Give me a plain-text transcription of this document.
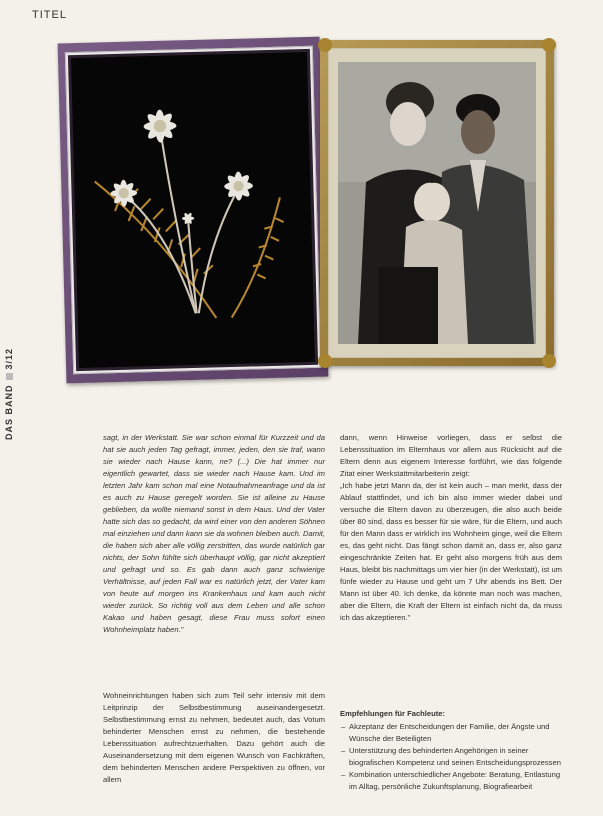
TITEL
DAS BAND3/12

sagt, in der Werkstatt. Sie war schon einmal für Kurzzeit und da hat sie auch jeden Tag gefragt, immer, jeden, den sie traf, wann sie wieder nach Hause kann, ne? (...) Die hat immer nur eigentlich gewartet, dass sie wieder nach Hause kam. Und im letzten Jahr kam schon mal eine Notaufnahmeanfrage und da ist es auch zu Hause geregelt worden. Sie ist alleine zu Hause geblieben, da wollte niemand sonst in dem Haus. Und der Vater hatte sich das so gedacht, da wird einer von den anderen Söhnen mal einziehen und dann kann sie da wohnen bleiben auch. Damit, die haben sich aber alle völlig zerstritten, das wurde natürlich gar nichts, der Sohn fühlte sich überhaupt völlig, gar nicht akzeptiert und gefragt und so. Es gab dann auch ganz schwierige Verhältnisse, auf jeden Fall war es natürlich jetzt, der Vater kam von heute auf morgen ins Krankenhaus und kam auch nicht wieder zurück. So richtig voll aus dem Leben und alle schon Kakao und haben gesagt, diese Frau muss sofort einen Wohnheimplatz haben."

Wohneinrichtungen haben sich zum Teil sehr intensiv mit dem Leitprinzip der Selbstbestimmung auseinandergesetzt. Selbstbestimmung ernst zu nehmen, bedeutet auch, das Votum behinderter Menschen ernst zu nehmen, die bestehende Lebenssituation aufrechtzuerhalten. Dazu gehört auch die Auseinandersetzung mit dem eigenen Wunsch von Fachkräften, dem behinderten Menschen andere Perspektiven zu öffnen, vor allem

dann, wenn Hinweise vorliegen, dass er selbst die Lebenssituation im Elternhaus vor allem aus Rücksicht auf die Eltern denn aus eigenem Interesse fortführt, wie das folgende Zitat einer Werkstattmitarbeiterin zeigt:

„Ich habe jetzt Mann da, der ist kein auch – man merkt, dass der Ablauf stattfindet, und ich bin also immer wieder dabei und versuche die Eltern davon zu überzeugen, die also auch beide über 80 sind, dass es besser für sie wäre, für die Eltern, und auch für den Mann dass er wirklich ins Wohnheim ginge, weil die Eltern es, das geht nicht. Das fängt schon damit an, dass er, also ganz eingeschränkte Zeiten hat. Er geht also morgens früh aus dem Haus, bleibt bis nachmittags um vier hier (in der Werkstatt), ist um fünfe wieder zu Hause und geht um 7 Uhr abends ins Bett. Der Mann ist über 40. Ich denke, da könnte man noch was machen, aber die Eltern, die Kraft der Eltern ist einfach nicht da, da muss ich das akzeptieren."

Empfehlungen für Fachleute:
– Akzeptanz der Entscheidungen der Familie, der Ängste und Wünsche der Beteiligten
– Unterstützung des behinderten Angehörigen in seiner biografischen Kompetenz und seinen Entscheidungsprozessen
– Kombination unterschiedlicher Angebote: Beratung, Entlastung im Alltag, persönliche Zukunftsplanung, Biografiearbeit
